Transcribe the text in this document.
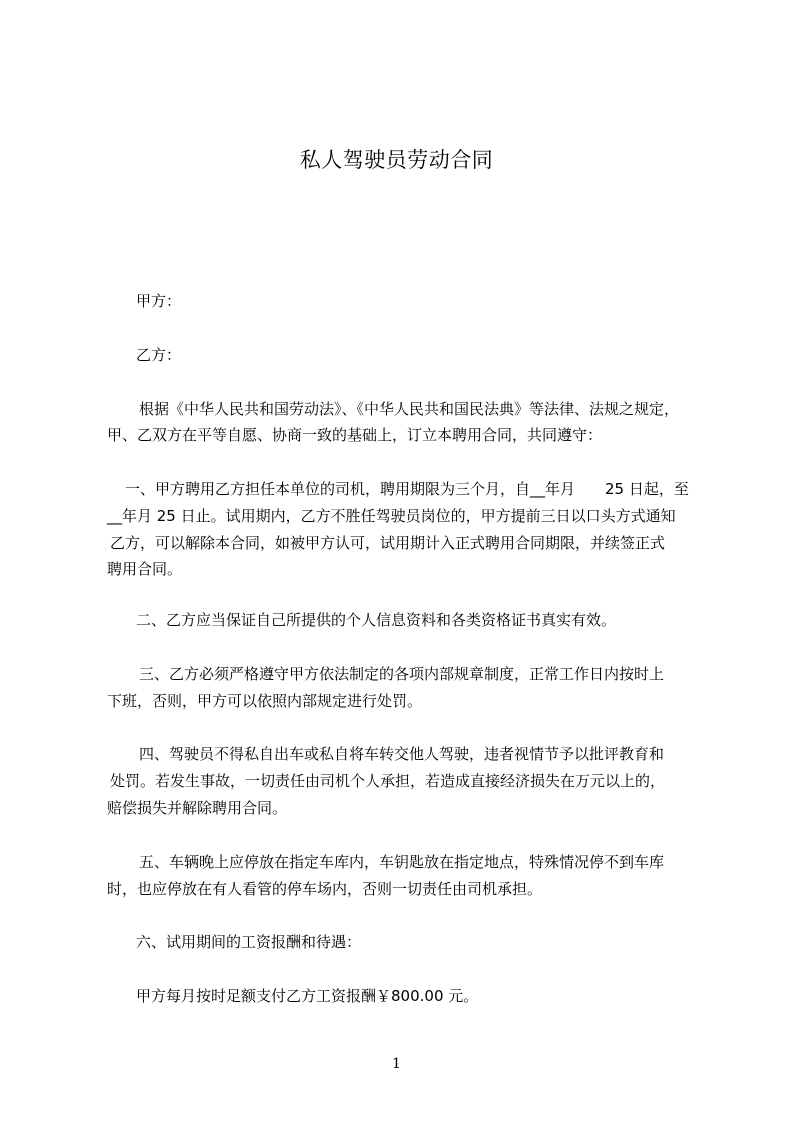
私人驾驶员劳动合同
甲方：
乙方：
根据《中华人民共和国劳动法》、《中华人民共和国民法典》等法律、法规之规定，
甲、乙双方在平等自愿、协商一致的基础上，订立本聘用合同，共同遵守：
一、甲方聘用乙方担任本单位的司机，聘用期限为三个月，自__年月　　25 日起，至
__年月 25 日止。试用期内，乙方不胜任驾驶员岗位的，甲方提前三日以口头方式通知
乙方，可以解除本合同，如被甲方认可，试用期计入正式聘用合同期限，并续签正式
聘用合同。
二、乙方应当保证自己所提供的个人信息资料和各类资格证书真实有效。
三、乙方必须严格遵守甲方依法制定的各项内部规章制度，正常工作日内按时上
下班，否则，甲方可以依照内部规定进行处罚。
四、驾驶员不得私自出车或私自将车转交他人驾驶，违者视情节予以批评教育和
处罚。若发生事故，一切责任由司机个人承担，若造成直接经济损失在万元以上的，
赔偿损失并解除聘用合同。
五、车辆晚上应停放在指定车库内，车钥匙放在指定地点，特殊情况停不到车库
时，也应停放在有人看管的停车场内，否则一切责任由司机承担。
六、试用期间的工资报酬和待遇：
甲方每月按时足额支付乙方工资报酬￥800.00 元。
1
